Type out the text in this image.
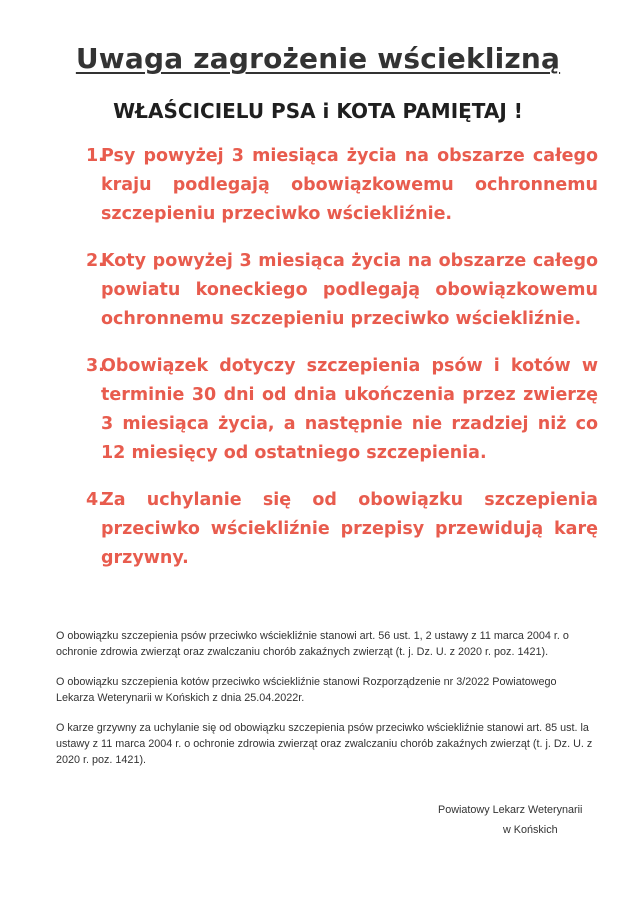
Uwaga zagrożenie wścieklizną
WŁAŚCICIELU PSA i KOTA PAMIĘTAJ !
1.
Psy powyżej 3 miesiąca życia na obszarze całego kraju podlegają obowiązkowemu ochronnemu szczepieniu przeciwko wściekliźnie.
2.
Koty powyżej 3 miesiąca życia na obszarze całego powiatu koneckiego podlegają obowiązkowemu ochronnemu szczepieniu przeciwko wściekliźnie.
3.
Obowiązek dotyczy szczepienia psów i kotów w terminie 30 dni od dnia ukończenia przez zwierzę 3 miesiąca życia, a następnie nie rzadziej niż co 12 miesięcy od ostatniego szczepienia.
4.
Za uchylanie się od obowiązku szczepienia przeciwko wściekliźnie przepisy przewidują karę grzywny.

O obowiązku szczepienia psów przeciwko wściekliźnie stanowi art. 56 ust. 1, 2 ustawy z 11 marca 2004 r. o ochronie zdrowia zwierząt oraz zwalczaniu chorób zakaźnych zwierząt (t. j. Dz. U. z 2020 r. poz. 1421).

O obowiązku szczepienia kotów przeciwko wściekliźnie stanowi Rozporządzenie nr 3/2022 Powiatowego Lekarza Weterynarii w Końskich z dnia 25.04.2022r.

O karze grzywny za uchylanie się od obowiązku szczepienia psów przeciwko wściekliźnie stanowi art. 85 ust. la ustawy z 11 marca 2004 r. o ochronie zdrowia zwierząt oraz zwalczaniu chorób zakaźnych zwierząt (t. j. Dz. U. z 2020 r. poz. 1421).

Powiatowy Lekarz Weterynarii
w Końskich
